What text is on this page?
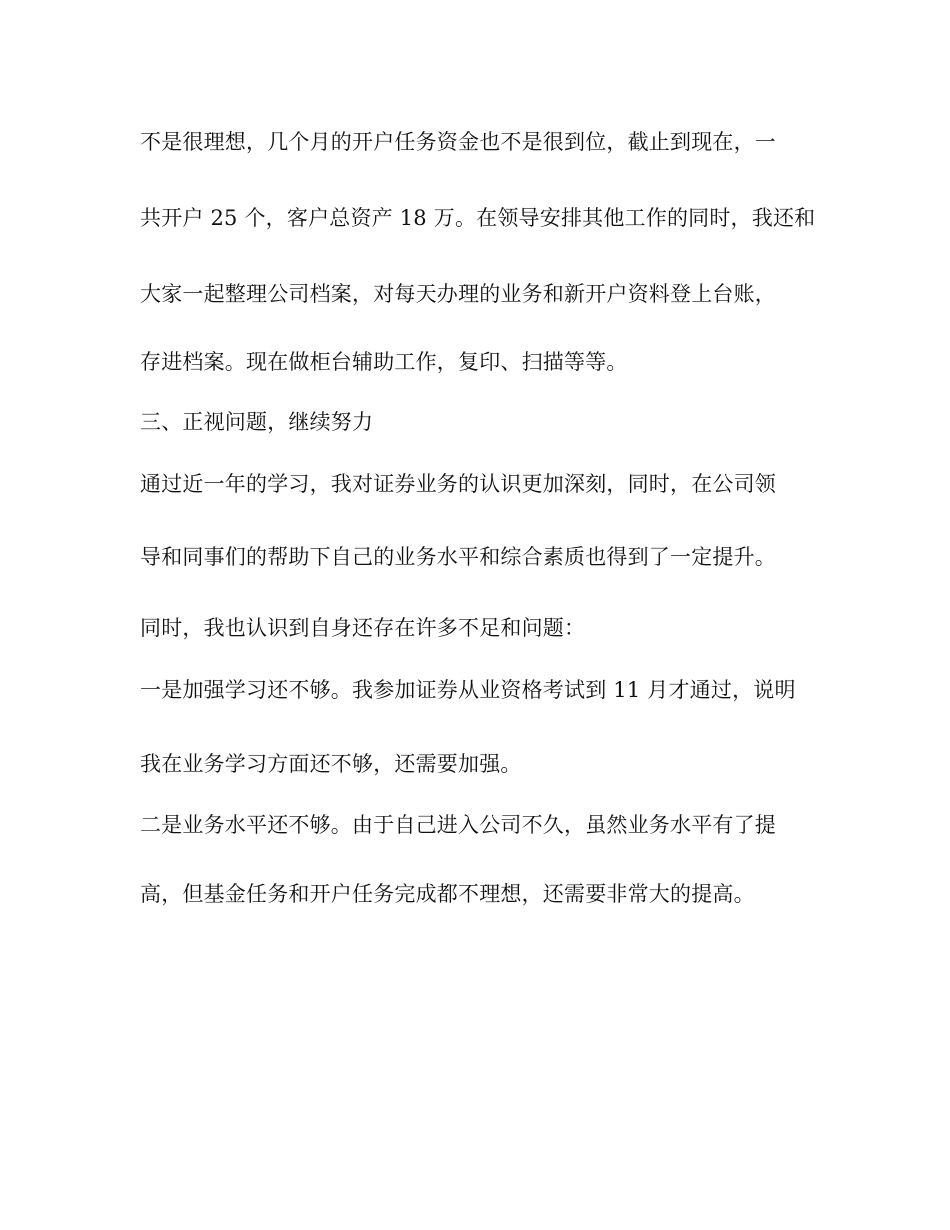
不是很理想，几个月的开户任务资金也不是很到位，截止到现在，一
共开户 25 个，客户总资产 18 万。在领导安排其他工作的同时，我还和
大家一起整理公司档案，对每天办理的业务和新开户资料登上台账，
存进档案。现在做柜台辅助工作，复印、扫描等等。
三、正视问题，继续努力
通过近一年的学习，我对证券业务的认识更加深刻，同时，在公司领
导和同事们的帮助下自己的业务水平和综合素质也得到了一定提升。
同时，我也认识到自身还存在许多不足和问题：
一是加强学习还不够。我参加证券从业资格考试到 11 月才通过，说明
我在业务学习方面还不够，还需要加强。
二是业务水平还不够。由于自己进入公司不久，虽然业务水平有了提
高，但基金任务和开户任务完成都不理想，还需要非常大的提高。
